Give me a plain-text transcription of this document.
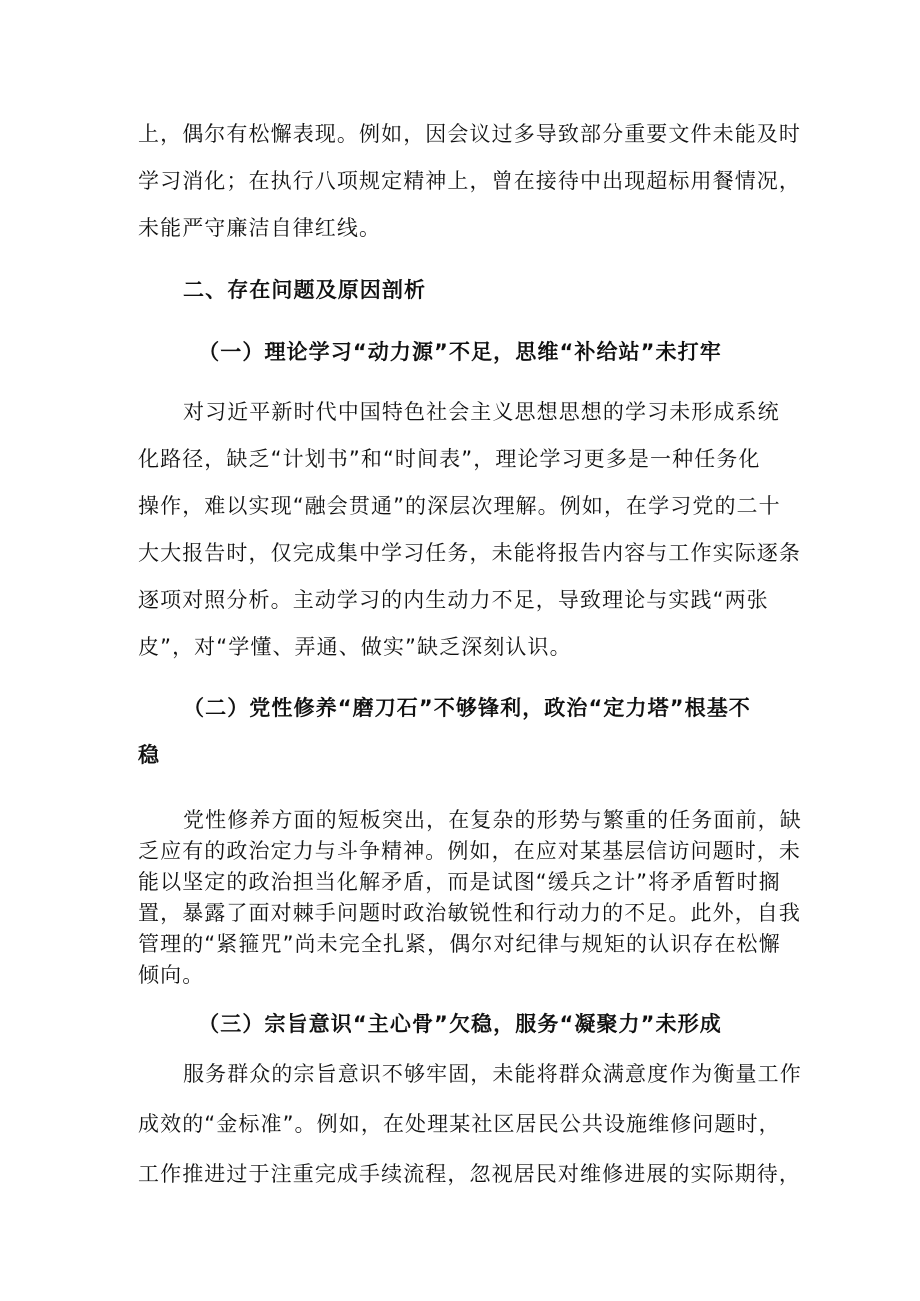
上，偶尔有松懈表现。例如，因会议过多导致部分重要文件未能及时
学习消化；在执行八项规定精神上，曾在接待中出现超标用餐情况，
未能严守廉洁自律红线。
二、存在问题及原因剖析
（一）理论学习“动力源”不足，思维“补给站”未打牢
对习近平新时代中国特色社会主义思想思想的学习未形成系统
化路径，缺乏“计划书”和“时间表”，理论学习更多是一种任务化
操作，难以实现“融会贯通”的深层次理解。例如，在学习党的二十
大大报告时，仅完成集中学习任务，未能将报告内容与工作实际逐条
逐项对照分析。主动学习的内生动力不足，导致理论与实践“两张
皮”，对“学懂、弄通、做实”缺乏深刻认识。
（二）党性修养“磨刀石”不够锋利，政治“定力塔”根基不
稳
党性修养方面的短板突出，在复杂的形势与繁重的任务面前，缺
乏应有的政治定力与斗争精神。例如，在应对某基层信访问题时，未
能以坚定的政治担当化解矛盾，而是试图“缓兵之计”将矛盾暂时搁
置，暴露了面对棘手问题时政治敏锐性和行动力的不足。此外，自我
管理的“紧箍咒”尚未完全扎紧，偶尔对纪律与规矩的认识存在松懈
倾向。
（三）宗旨意识“主心骨”欠稳，服务“凝聚力”未形成
服务群众的宗旨意识不够牢固，未能将群众满意度作为衡量工作
成效的“金标准”。例如，在处理某社区居民公共设施维修问题时，
工作推进过于注重完成手续流程，忽视居民对维修进展的实际期待，
